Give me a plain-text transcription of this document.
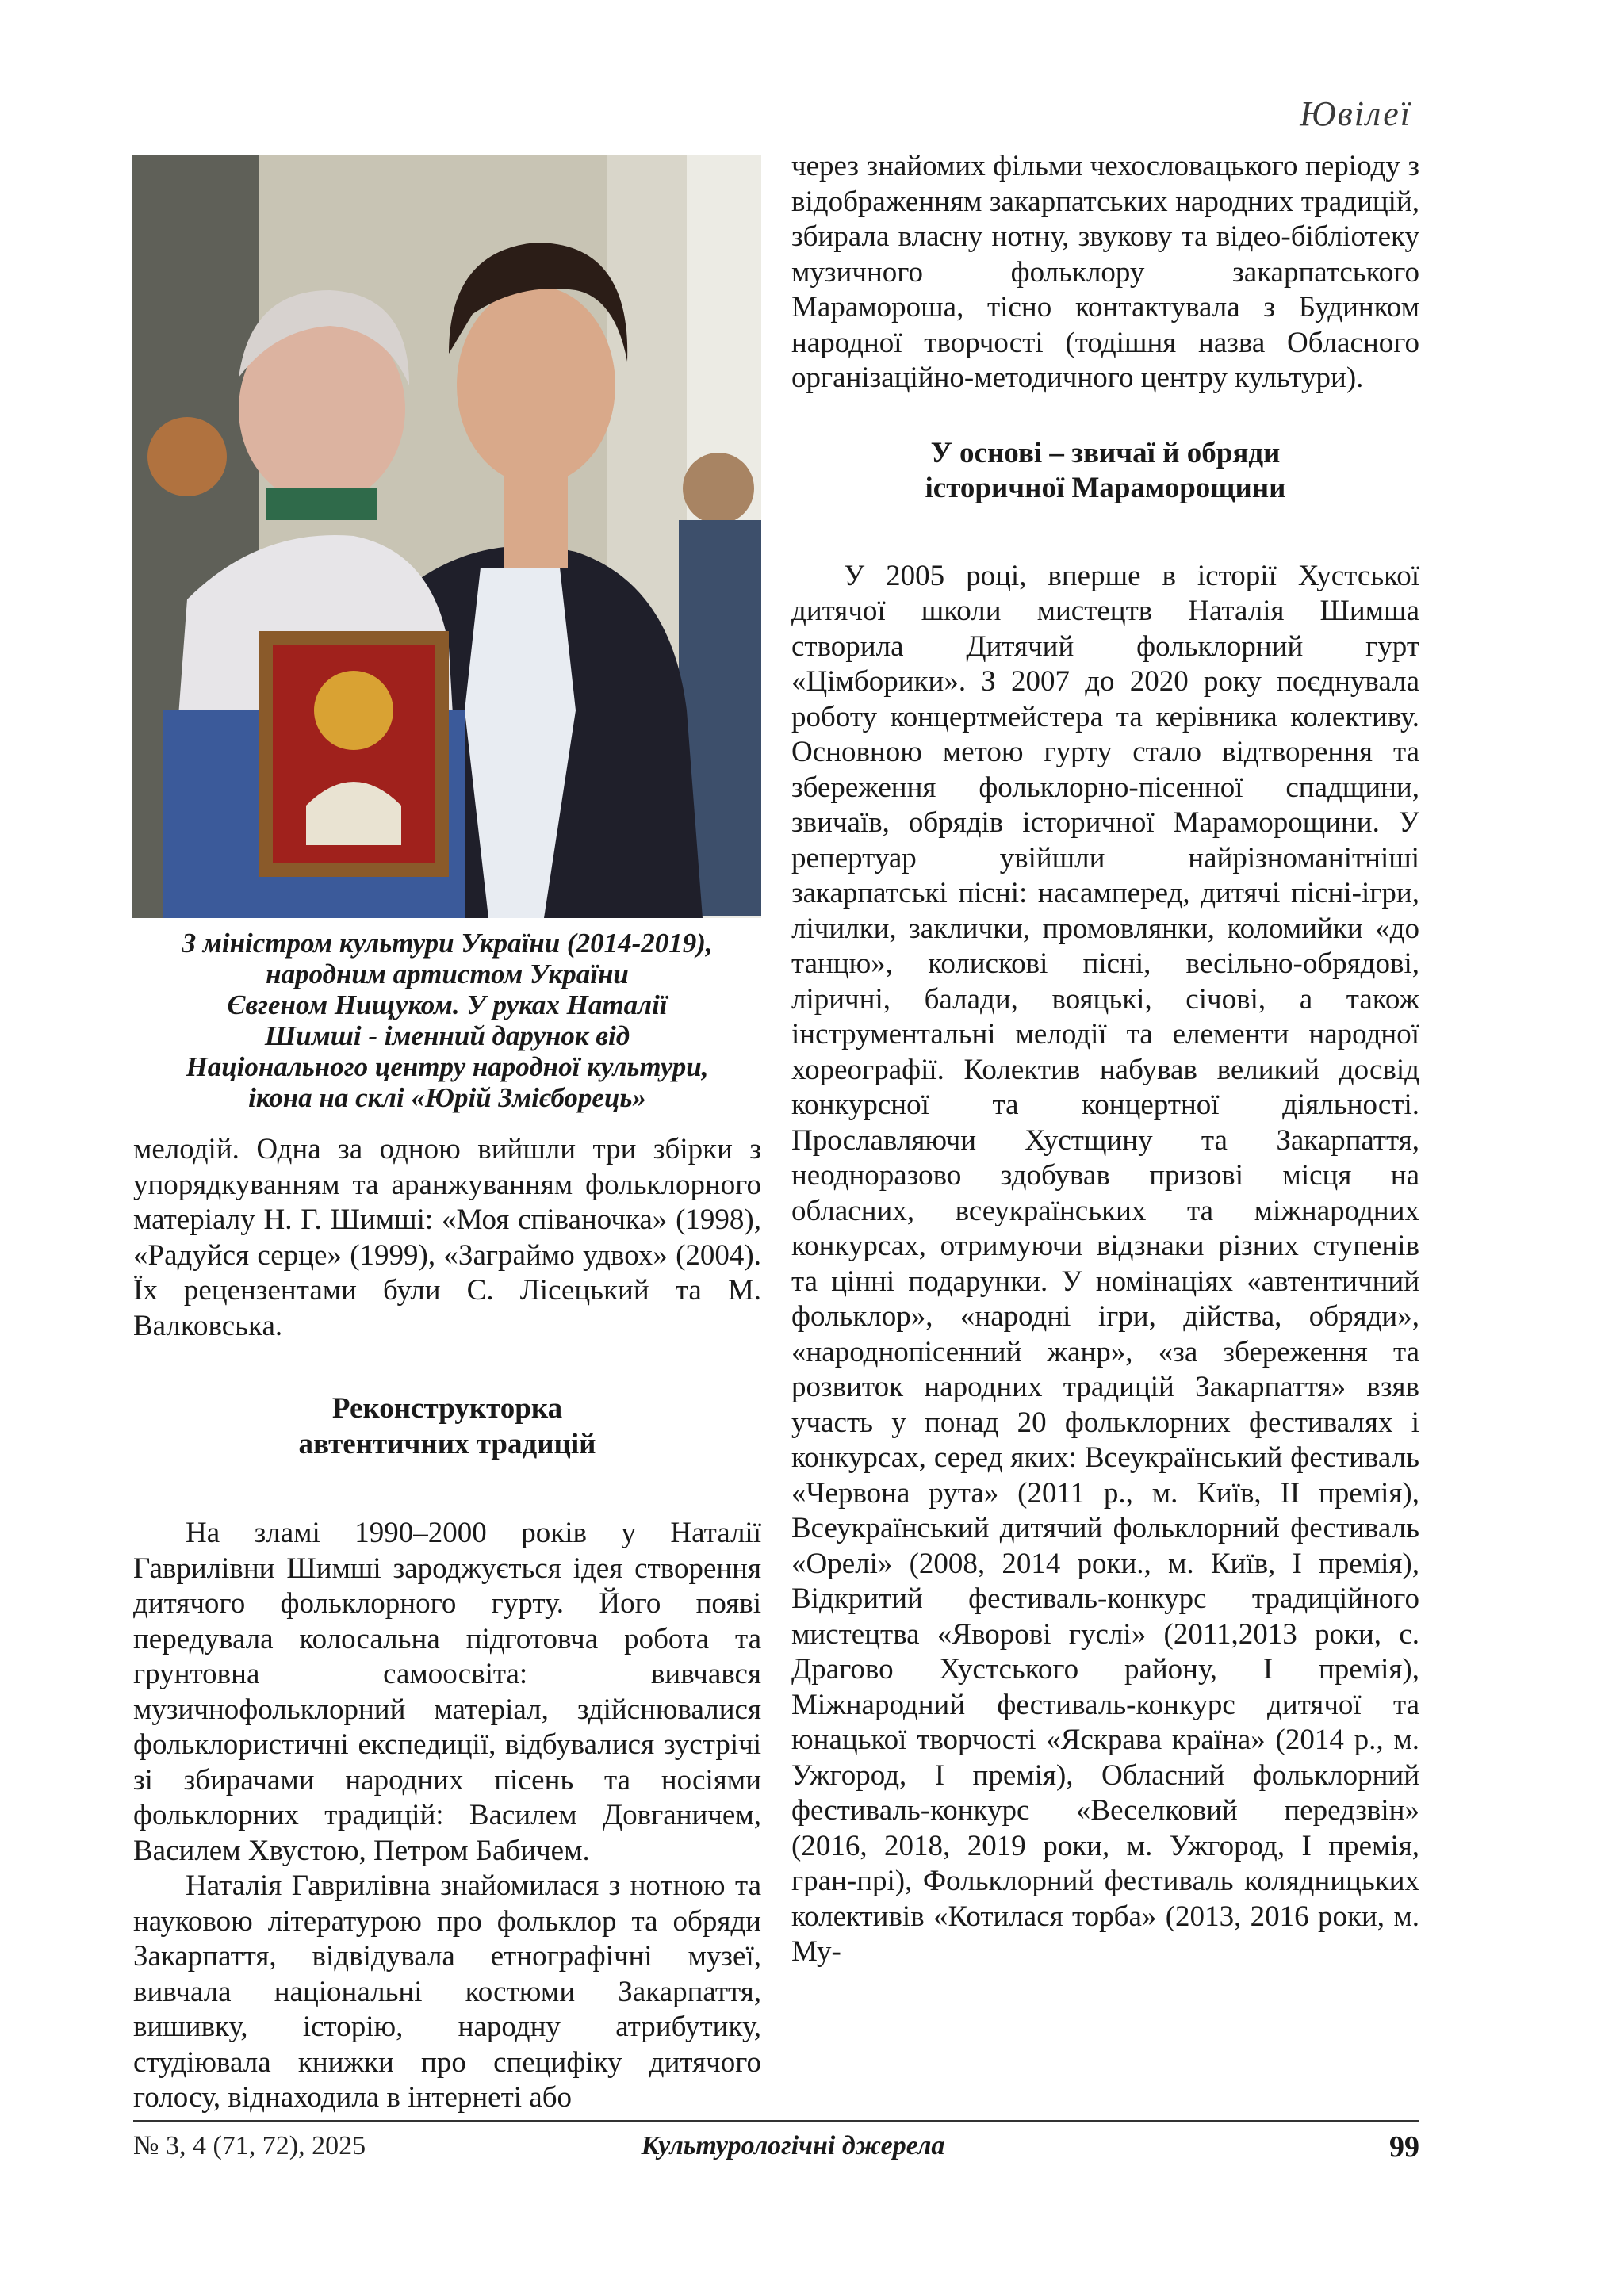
Ювілеї
З міністром культури України (2014-2019),
народним артистом України
Євгеном Нищуком. У руках Наталії
Шимші - іменний дарунок від
Національного центру народної культури,
ікона на склі «Юрій Змієборець»

мелодій. Одна за одною вийшли три збірки з упорядкуванням та аранжуванням фольклорного матеріалу Н. Г. Шимші: «Моя співаночка» (1998), «Радуйся серце» (1999), «Заграймо удвох» (2004). Їх рецензентами були С. Лісецький та М. Валковська.

Реконструкторка
автентичних традицій

На зламі 1990–2000 років у Наталії Гаврилівни Шимші зароджується ідея створення дитячого фольклорного гурту. Його появі передувала колосальна підготовча робота та грунтовна самоосвіта: вивчався музичнофольклорний матеріал, здійснювалися фольклористичні експедиції, відбувалися зустрічі зі збирачами народних пісень та носіями фольклорних традицій: Василем Довганичем, Василем Хвустою, Петром Бабичем.

Наталія Гаврилівна знайомилася з нотною та науковою літературою про фольклор та обряди Закарпаття, відвідувала етнографічні музеї, вивчала національні костюми Закарпаття, вишивку, історію, народну атрибутику, студіювала книжки про специфіку дитячого голосу, віднаходила в інтернеті або

через знайомих фільми чехословацького періоду з відображенням закарпатських народних традицій, збирала власну нотну, звукову та відео-бібліотеку музичного фольклору закарпатського Марамороша, тісно контактувала з Будинком народної творчості (тодішня назва Обласного організаційно-методичного центру культури).

У основі – звичаї й обряди
історичної Мараморощини

У 2005 році, вперше в історії Хустської дитячої школи мистецтв Наталія Шимша створила Дитячий фольклорний гурт «Цімборики». З 2007 до 2020 року поєднувала роботу концертмейстера та керівника колективу. Основною метою гурту стало відтворення та збереження фольклорно-пісенної спадщини, звичаїв, обрядів історичної Мараморощини. У репертуар увійшли найрізноманітніші закарпатські пісні: насамперед, дитячі пісні-ігри, лічилки, заклички, промовлянки, коломийки «до танцю», колискові пісні, весільно-обрядові, ліричні, балади, вояцькі, січові, а також інструментальні мелодії та елементи народної хореографії. Колектив набував великий досвід конкурсної та концертної діяльності. Прославляючи Хустщину та Закарпаття, неодноразово здобував призові місця на обласних, всеукраїнських та міжнародних конкурсах, отримуючи відзнаки різних ступенів та цінні подарунки. У номінаціях «автентичний фольклор», «народні ігри, дійства, обряди», «народнопісенний жанр», «за збереження та розвиток народних традицій Закарпаття» взяв участь у понад 20 фольклорних фестивалях і конкурсах, серед яких: Всеукраїнський фестиваль «Червона рута» (2011 р., м. Київ, ІІ премія), Всеукраїнський дитячий фольклорний фестиваль «Орелі» (2008, 2014 роки., м. Київ, І премія), Відкритий фестиваль-конкурс традиційного мистецтва «Яворові гуслі» (2011,2013 роки, с. Драгово Хустського району, І премія), Міжнародний фестиваль-конкурс дитячої та юнацької творчості «Яскрава країна» (2014 р., м. Ужгород, І премія), Обласний фольклорний фестиваль-конкурс «Веселковий передзвін» (2016, 2018, 2019 роки, м. Ужгород, І премія, гран-прі), Фольклорний фестиваль колядницьких колективів «Котилася торба» (2013, 2016 роки, м. Му-

№ 3, 4 (71, 72), 2025	Культурологічні джерела	99
